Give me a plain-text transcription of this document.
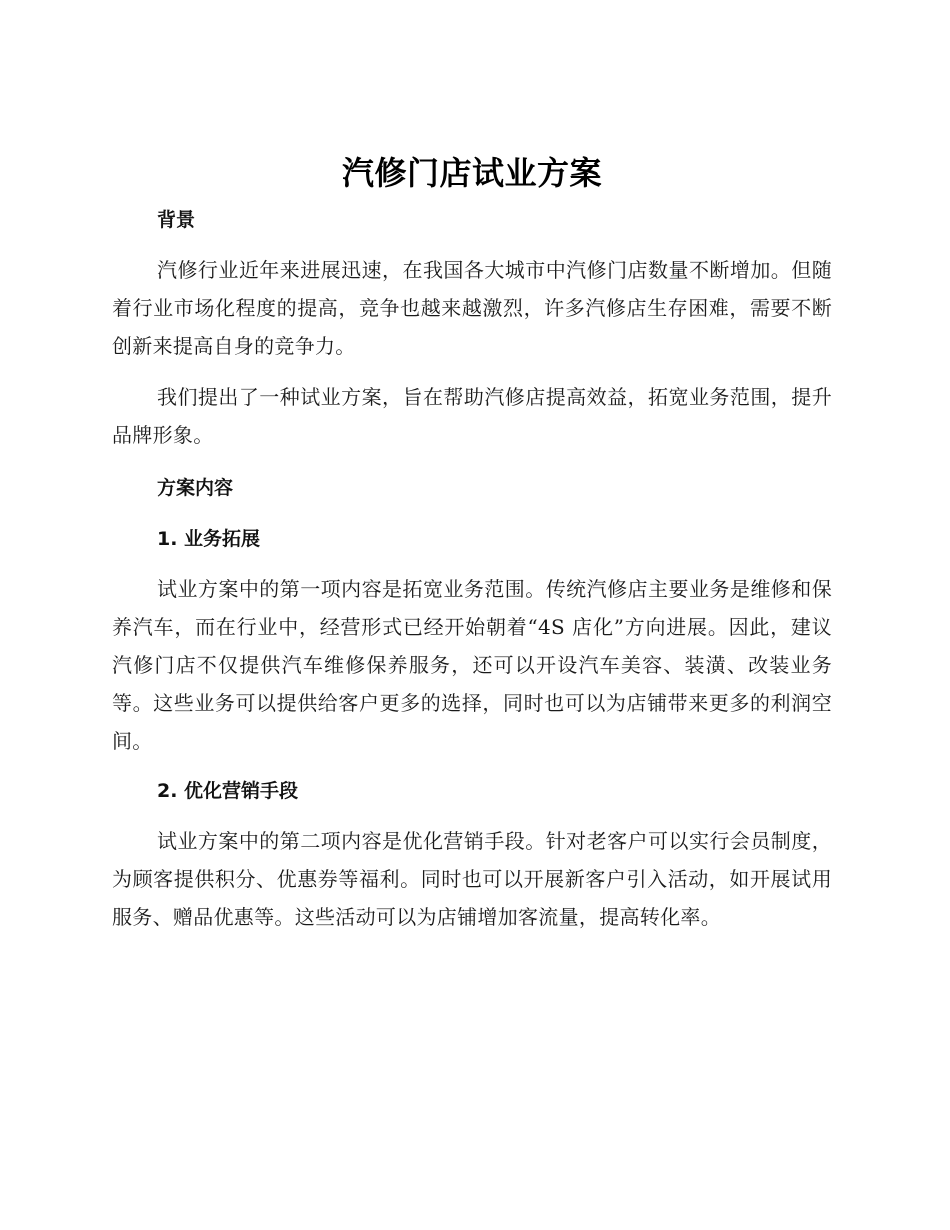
汽修门店试业方案
背景

汽修行业近年来进展迅速，在我国各大城市中汽修门店数量不断增加。但随着行业市场化程度的提高，竞争也越来越激烈，许多汽修店生存困难，需要不断创新来提高自身的竞争力。

我们提出了一种试业方案，旨在帮助汽修店提高效益，拓宽业务范围，提升品牌形象。

方案内容
1. 业务拓展

试业方案中的第一项内容是拓宽业务范围。传统汽修店主要业务是维修和保养汽车，而在行业中，经营形式已经开始朝着“4S 店化”方向进展。因此，建议汽修门店不仅提供汽车维修保养服务，还可以开设汽车美容、装潢、改装业务等。这些业务可以提供给客户更多的选择，同时也可以为店铺带来更多的利润空间。

2. 优化营销手段

试业方案中的第二项内容是优化营销手段。针对老客户可以实行会员制度，为顾客提供积分、优惠券等福利。同时也可以开展新客户引入活动，如开展试用服务、赠品优惠等。这些活动可以为店铺增加客流量，提高转化率。
